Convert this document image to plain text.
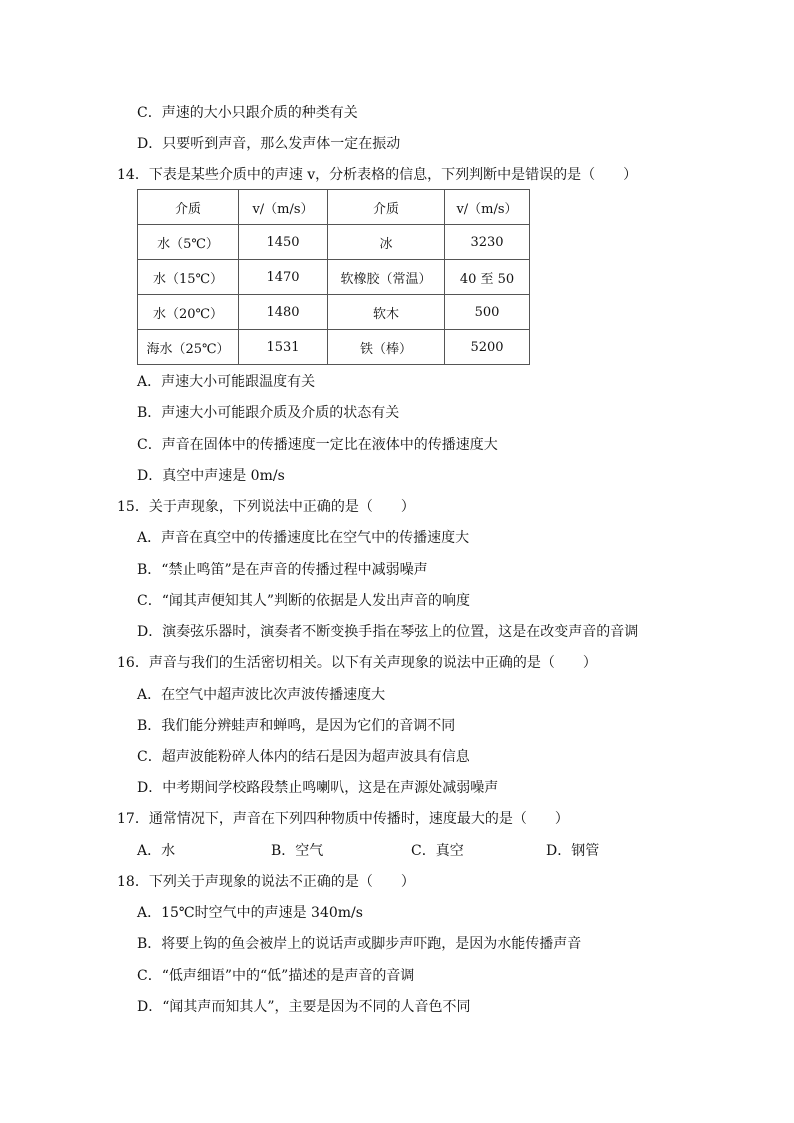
C．声速的大小只跟介质的种类有关
D．只要听到声音，那么发声体一定在振动
14．下表是某些介质中的声速 v，分析表格的信息，下列判断中是错误的是（　　）
介质	v/（m/s）	介质	v/（m/s）
水（5℃）	1450	冰	3230
水（15℃）	1470	软橡胶（常温）	40 至 50
水（20℃）	1480	软木	500
海水（25℃）	1531	铁（棒）	5200
A．声速大小可能跟温度有关
B．声速大小可能跟介质及介质的状态有关
C．声音在固体中的传播速度一定比在液体中的传播速度大
D．真空中声速是 0m/s
15．关于声现象，下列说法中正确的是（　　）
A．声音在真空中的传播速度比在空气中的传播速度大
B．“禁止鸣笛”是在声音的传播过程中减弱噪声
C．“闻其声便知其人”判断的依据是人发出声音的响度
D．演奏弦乐器时，演奏者不断变换手指在琴弦上的位置，这是在改变声音的音调
16．声音与我们的生活密切相关。以下有关声现象的说法中正确的是（　　）
A．在空气中超声波比次声波传播速度大
B．我们能分辨蛙声和蝉鸣，是因为它们的音调不同
C．超声波能粉碎人体内的结石是因为超声波具有信息
D．中考期间学校路段禁止鸣喇叭，这是在声源处减弱噪声
17．通常情况下，声音在下列四种物质中传播时，速度最大的是（　　）
A．水	B．空气	C．真空	D．钢管
18．下列关于声现象的说法不正确的是（　　）
A．15℃时空气中的声速是 340m/s
B．将要上钩的鱼会被岸上的说话声或脚步声吓跑，是因为水能传播声音
C．“低声细语”中的“低”描述的是声音的音调
D．“闻其声而知其人”，主要是因为不同的人音色不同
